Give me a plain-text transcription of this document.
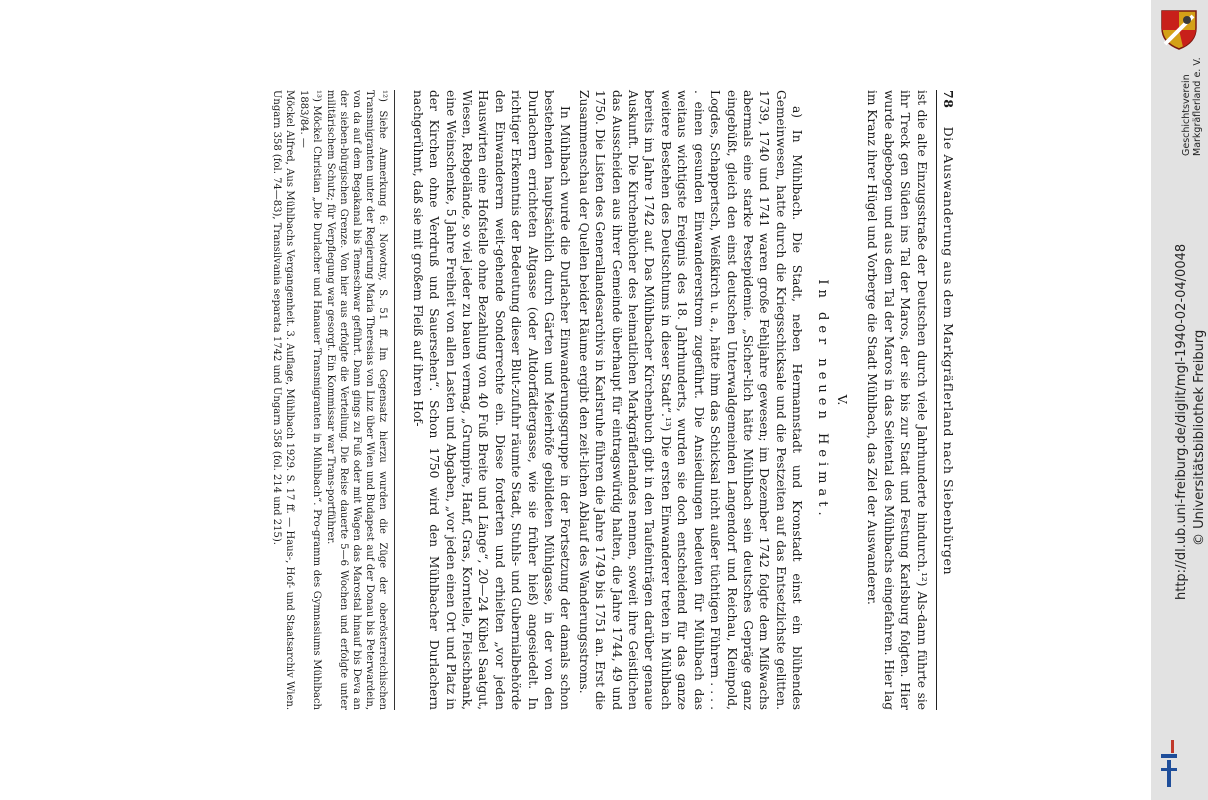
78
Die Auswanderung aus dem Markgräflerland nach Siebenbürgen

ist die alte Einzugsstraße der Deutschen durch viele Jahrhunderte hindurch.¹²) Als-dann führte sie ihr Treck gen Süden ins Tal der Maros, der sie bis zur Stadt und Festung Karlsburg folgten. Hier wurde abgebogen und aus dem Tal der Maros in das Seitental des Mühlbachs eingefahren. Hier lag im Kranz ihrer Hügel und Vorberge die Stadt Mühlbach, das Ziel der Auswanderer.

V.
In der neuen Heimat.

a) In Mühlbach. Die Stadt, neben Hermannstadt und Kronstadt einst ein blühendes Gemeinwesen, hatte durch die Kriegsschicksale und die Pestzeiten auf das Entsetzlichste gelitten. 1739, 1740 und 1741 waren große Fehljahre gewesen; im Dezember 1742 folgte dem Mißwachs abermals eine starke Pestepidemie. „Sicher-lich hätte Mühlbach sein deutsches Gepräge ganz eingebüßt, gleich den einst deutschen Unterwaldgemeinden Langendorf und Reichau, Kleinpold, Logdes, Schappertsch, Weißkirch u. a., hätte ihm das Schicksal nicht außer tüchtigen Führern . . . . . einen gesunden Einwandererstrom zugeführt. Die Ansiedlungen bedeuten für Mühlbach das weitaus wichtigste Ereignis des 18. Jahrhunderts, wurden sie doch entscheidend für das ganze weitere Bestehen des Deutschtums in dieser Stadt“.¹³) Die ersten Einwanderer treten in Mühlbach bereits im Jahre 1742 auf. Das Mühlbacher Kirchenbuch gibt in den Taufeinträgen darüber genaue Auskunft. Die Kirchenbücher des heimatlichen Markgräflerlandes nennen, soweit ihre Geistlichen das Ausscheiden aus ihrer Gemeinde überhaupt für eintragswürdig halten, die Jahre 1744, 49 und 1750. Die Listen des Generallandesarchivs in Karlsruhe führen die Jahre 1749 bis 1751 an. Erst die Zusammenschau der Quellen beider Räume ergibt den zeit-lichen Ablauf des Wanderungsstroms.

In Mühlbach wurde die Durlacher Einwanderungsgruppe in der Fortsetzung der damals schon bestehenden hauptsächlich durch Gärten und Meierhöfe gebildeten Mühlgasse, in der von den Durlachern errichteten Altgasse (oder Altdorfädtergasse, wie sie früher hieß) angesiedelt. In richtiger Erkenntnis der Bedeutung dieser Blut-zufuhr räumte Stadt, Stuhls- und Gubernialbehörde den Einwanderern weit-gehende Sonderrechte ein. Diese forderten und erhielten „vor jeden Hauswirten eine Hofstelle ohne Bezahlung von 40 Fuß Breite und Länge“, 20—24 Kübel Saatgut, Wiesen, Rebgelände, so viel jeder zu bauen vermag, „Grumpire, Hanf, Gras, Korntelle, Fleischbank, eine Weinschenke, 5 Jahre Freiheit von allen Lasten und Abgaben, „vor jeden einen Ort und Platz in der Kirchen ohne Verdruß und Sauersehen“. Schon 1750 wird den Mühlbacher Durlachern nachgerühmt, daß sie mit großem Fleiß auf ihren Hof-

¹²) Siehe Anmerkung 6: Nowotny, S. 51 ff. Im Gegensatz hierzu wurden die Züge der oberösterreichischen Transmigranten unter der Regierung Maria Theresias von Linz über Wien und Budapest auf der Donau bis Peterwardein, von da auf dem Begakanal bis Temeschwar geführt. Dann gings zu Fuß oder mit Wagen das Marostal hinauf bis Deva an der sieben-bürgischen Grenze. Von hier aus erfolgte die Verteilung. Die Reise dauerte 5—6 Wochen und erfolgte unter militärischem Schutz; für Verpflegung war gesorgt. Ein Kommissar war Trans-portführer.

¹³) Möckel Christian „Die Durlacher und Hanauer Transmigranten in Mühlbach“. Pro-gramm des Gymnasiums Mühlbach 1883/84. —

Möckel Alfred, Aus Mühlbachs Vergangenheit. 3. Auflage, Mühlbach 1929. S. 17 ff. — Haus-, Hof- und Staatsarchiv Wien. Ungarn 358 (fol. 74—83), Transilvania separata 1742 und Ungarn 358 (fol. 214 und 215).	Geschichtsverein Markgräflerland e. V.
http://dl.ub.uni-freiburg.de/diglit/mgl-1940-02-04/0048 © Universitätsbibliothek Freiburg
